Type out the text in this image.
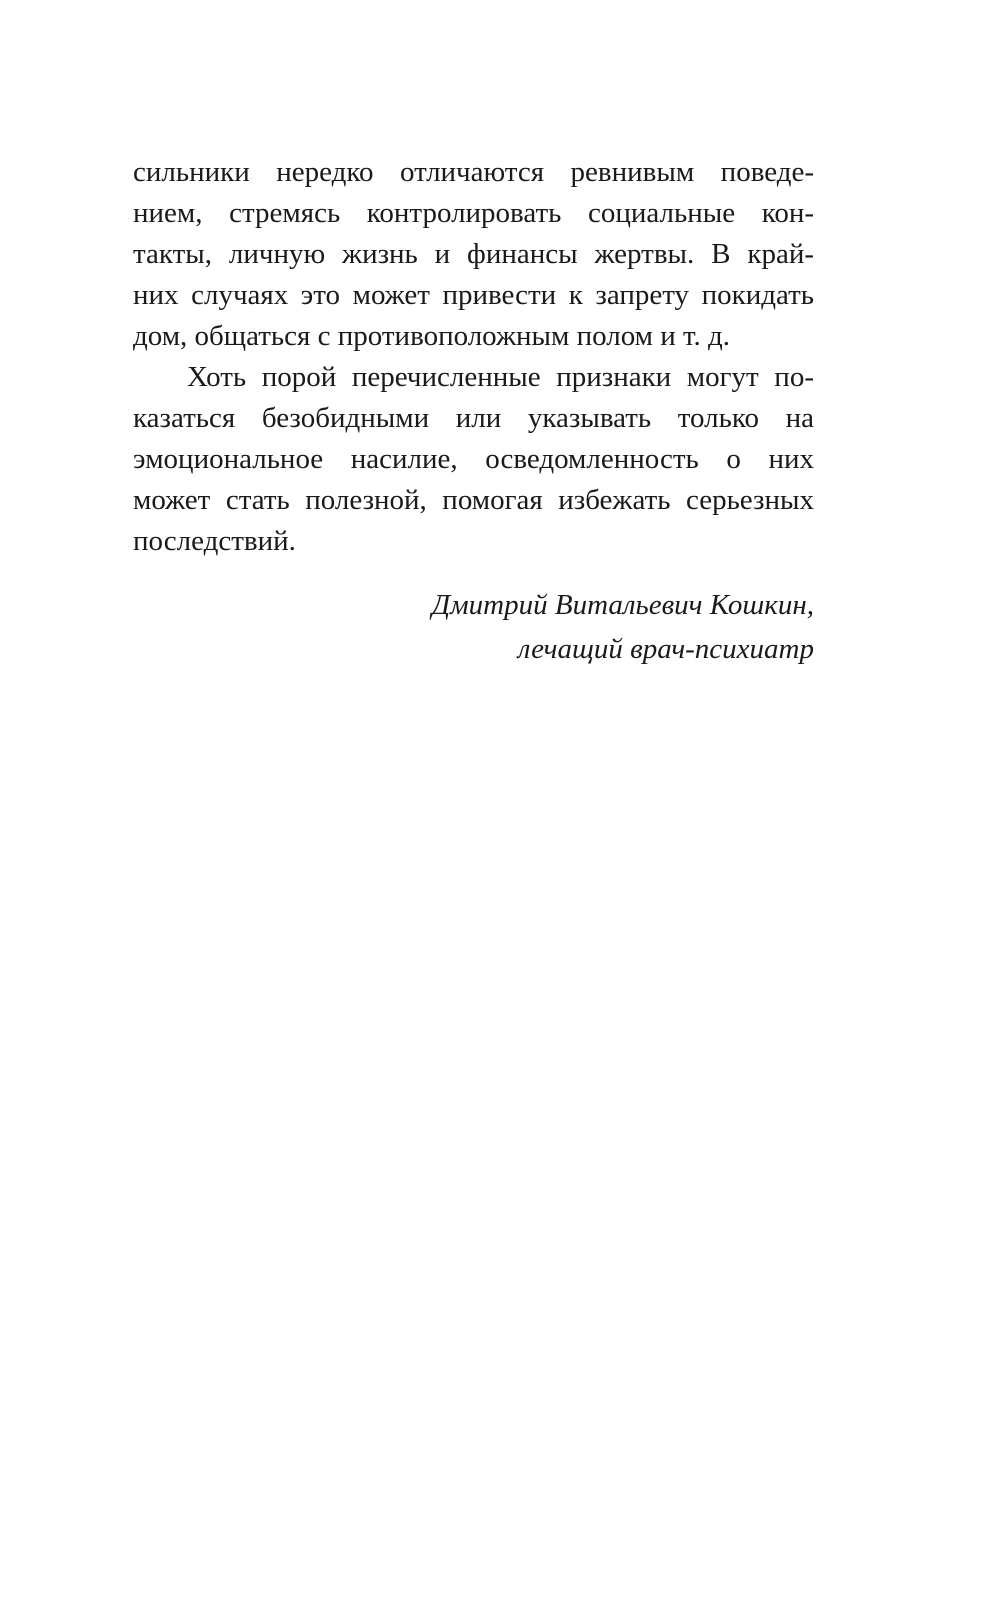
сильники нередко отличаются ревнивым поведе-
нием, стремясь контролировать социальные кон-
такты, личную жизнь и финансы жертвы. В край-
них случаях это может привести к запрету покидать
дом, общаться с противоположным полом и т. д.
Хоть порой перечисленные признаки могут по-
казаться безобидными или указывать только на
эмоциональное насилие, осведомленность о них
может стать полезной, помогая избежать серьезных
последствий.
Дмитрий Витальевич Кошкин,
лечащий врач-психиатр
